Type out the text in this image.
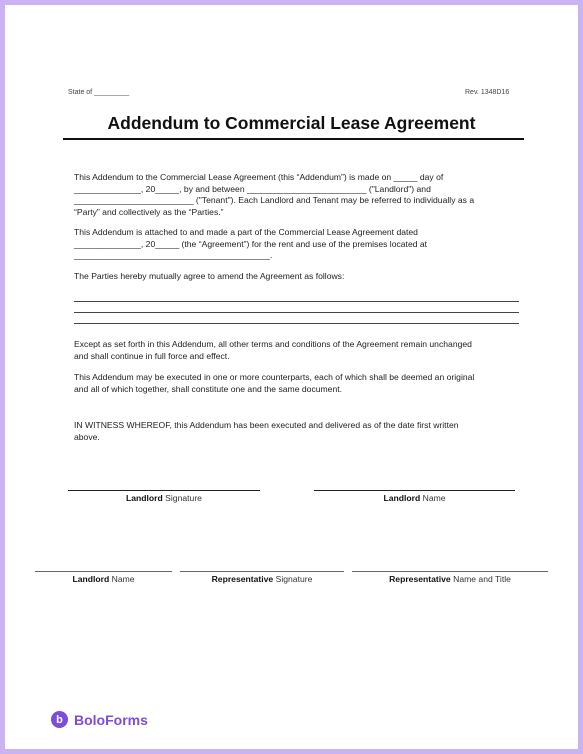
State of _________	Rev. 1348D16
Addendum to Commercial Lease Agreement
This Addendum to the Commercial Lease Agreement (this “Addendum”) is made on _____ day of
______________, 20_____, by and between _________________________ ("Landlord") and
_________________________ ("Tenant"). Each Landlord and Tenant may be referred to individually as a
“Party” and collectively as the “Parties.”
This Addendum is attached to and made a part of the Commercial Lease Agreement dated
______________, 20_____ (the “Agreement”) for the rent and use of the premises located at
_________________________________________.
The Parties hereby mutually agree to amend the Agreement as follows:
Except as set forth in this Addendum, all other terms and conditions of the Agreement remain unchanged
and shall continue in full force and effect.
This Addendum may be executed in one or more counterparts, each of which shall be deemed an original
and all of which together, shall constitute one and the same document.
IN WITNESS WHEREOF, this Addendum has been executed and delivered as of the date first written
above.
Landlord Signature	Landlord Name
Landlord Name	Representative Signature	Representative Name and Title
b BoloForms
